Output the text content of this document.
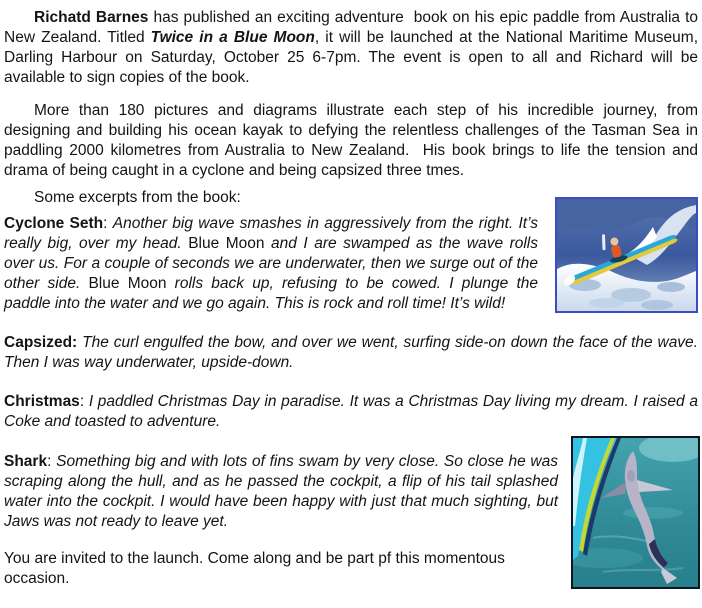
Richatd Barnes has published an exciting adventure  book on his epic paddle from Australia to New Zealand. Titled Twice in a Blue Moon, it will be launched at the National Maritime Museum, Darling Harbour on Saturday, October 25 6-7pm. The event is open to all and Richard will be available to sign copies of the book.

More than 180 pictures and diagrams illustrate each step of his incredible journey, from designing and building his ocean kayak to defying the relentless challenges of the Tasman Sea in paddling 2000 kilometres from Australia to New Zealand.  His book brings to life the tension and drama of being caught in a cyclone and being capsized three tmes.

Some excerpts from the book:

Cyclone Seth: Another big wave smashes in aggressively from the right. It’s really big, over my head. Blue Moon and I are swamped as the wave rolls over us. For a couple of seconds we are underwater, then we surge out of the other side. Blue Moon rolls back up, refusing to be cowed. I plunge the paddle into the water and we go again. This is rock and roll time! It’s wild!

Capsized: The curl engulfed the bow, and over we went, surfing side-on down the face of the wave. Then I was way underwater, upside-down.

Christmas: I paddled Christmas Day in paradise. It was a Christmas Day living my dream. I raised a Coke and toasted to adventure.

Shark: Something big and with lots of fins swam by very close. So close he was scraping along the hull, and as he passed the cockpit, a flip of his tail splashed water into the cockpit. I would have been happy with just that much sighting, but Jaws was not ready to leave yet.

You are invited to the launch. Come along and be part pf this momentous occasion.
